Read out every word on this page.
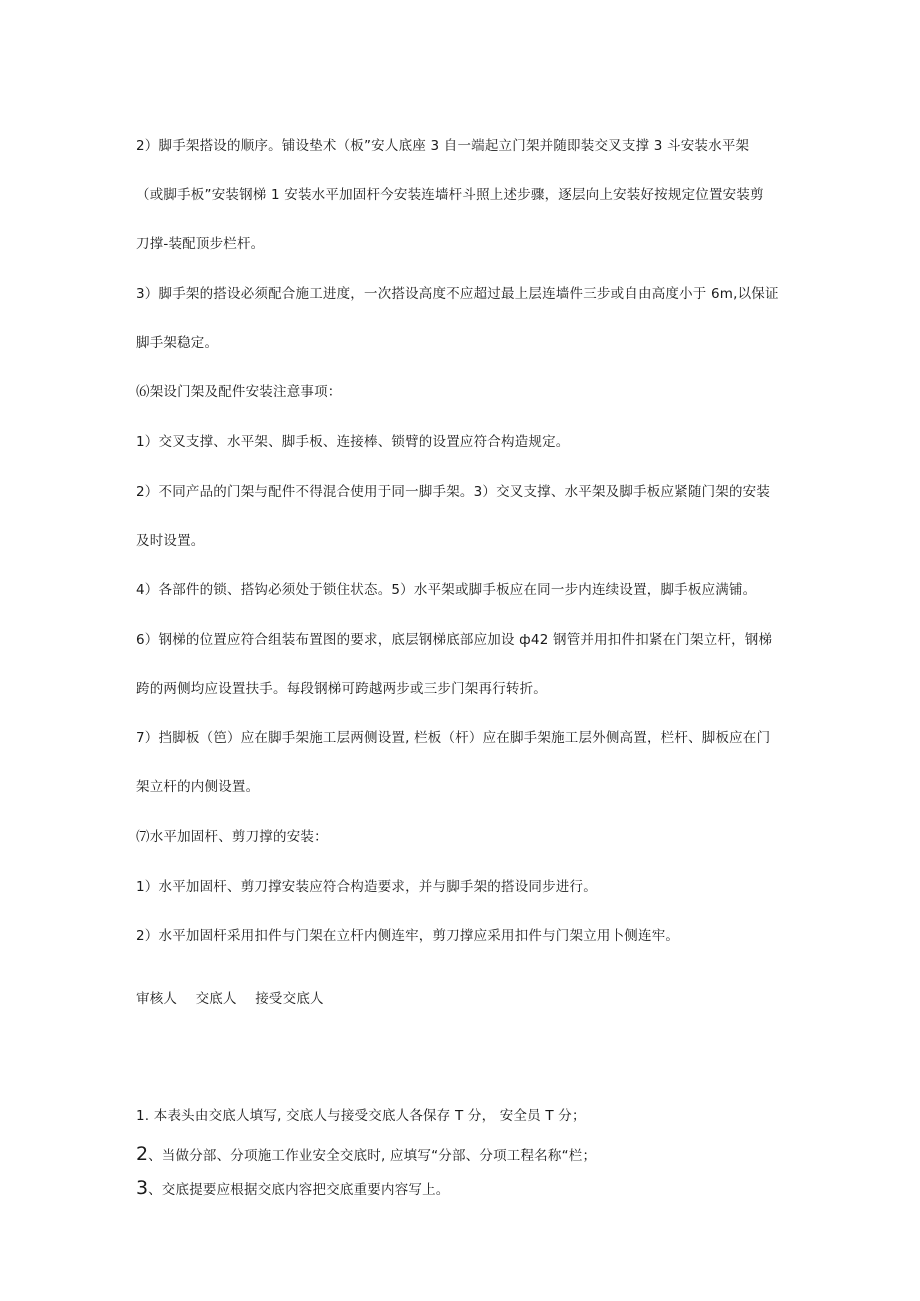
2）脚手架搭设的顺序。铺设垫术（板”安人底座 3 自一端起立门架并随即装交叉支撑 3 斗安装水平架
（或脚手板”安装钢梯 1 安装水平加固杆今安装连墙杆斗照上述步骤，逐层向上安装好按规定位置安装剪
刀撑-装配顶步栏杆。
3）脚手架的搭设必须配合施工进度，一次搭设高度不应超过最上层连墙件三步或自由高度小于 6m,以保证
脚手架稳定。
⑹架设门架及配件安装注意事项：
1）交叉支撑、水平架、脚手板、连接棒、锁臂的设置应符合构造规定。
2）不同产品的门架与配件不得混合使用于同一脚手架。3）交叉支撑、水平架及脚手板应紧随门架的安装
及时设置。
4）各部件的锁、搭钩必须处于锁住状态。5）水平架或脚手板应在同一步内连续设置，脚手板应满铺。
6）钢梯的位置应符合组装布置图的要求，底层钢梯底部应加设 ф42 钢管并用扣件扣紧在门架立杆，钢梯
跨的两侧均应设置扶手。每段钢梯可跨越两步或三步门架再行转折。
7）挡脚板（笆）应在脚手架施工层两侧设置, 栏板（杆）应在脚手架施工层外侧高置，栏杆、脚板应在门
架立杆的内侧设置。
⑺水平加固杆、剪刀撑的安装：
1）水平加固杆、剪刀撑安装应符合构造要求，并与脚手架的搭设同步进行。
2）水平加固杆采用扣件与门架在立杆内侧连牢，剪刀撑应采用扣件与门架立用卜侧连牢。
审核人 交底人 接受交底人
1. 本表头由交底人填写, 交底人与接受交底人各保存 T 分， 安全员 T 分；
2、当做分部、分项施工作业安全交底时, 应填写“分部、分项工程名称“栏；
3、交底提要应根据交底内容把交底重要内容写上。
